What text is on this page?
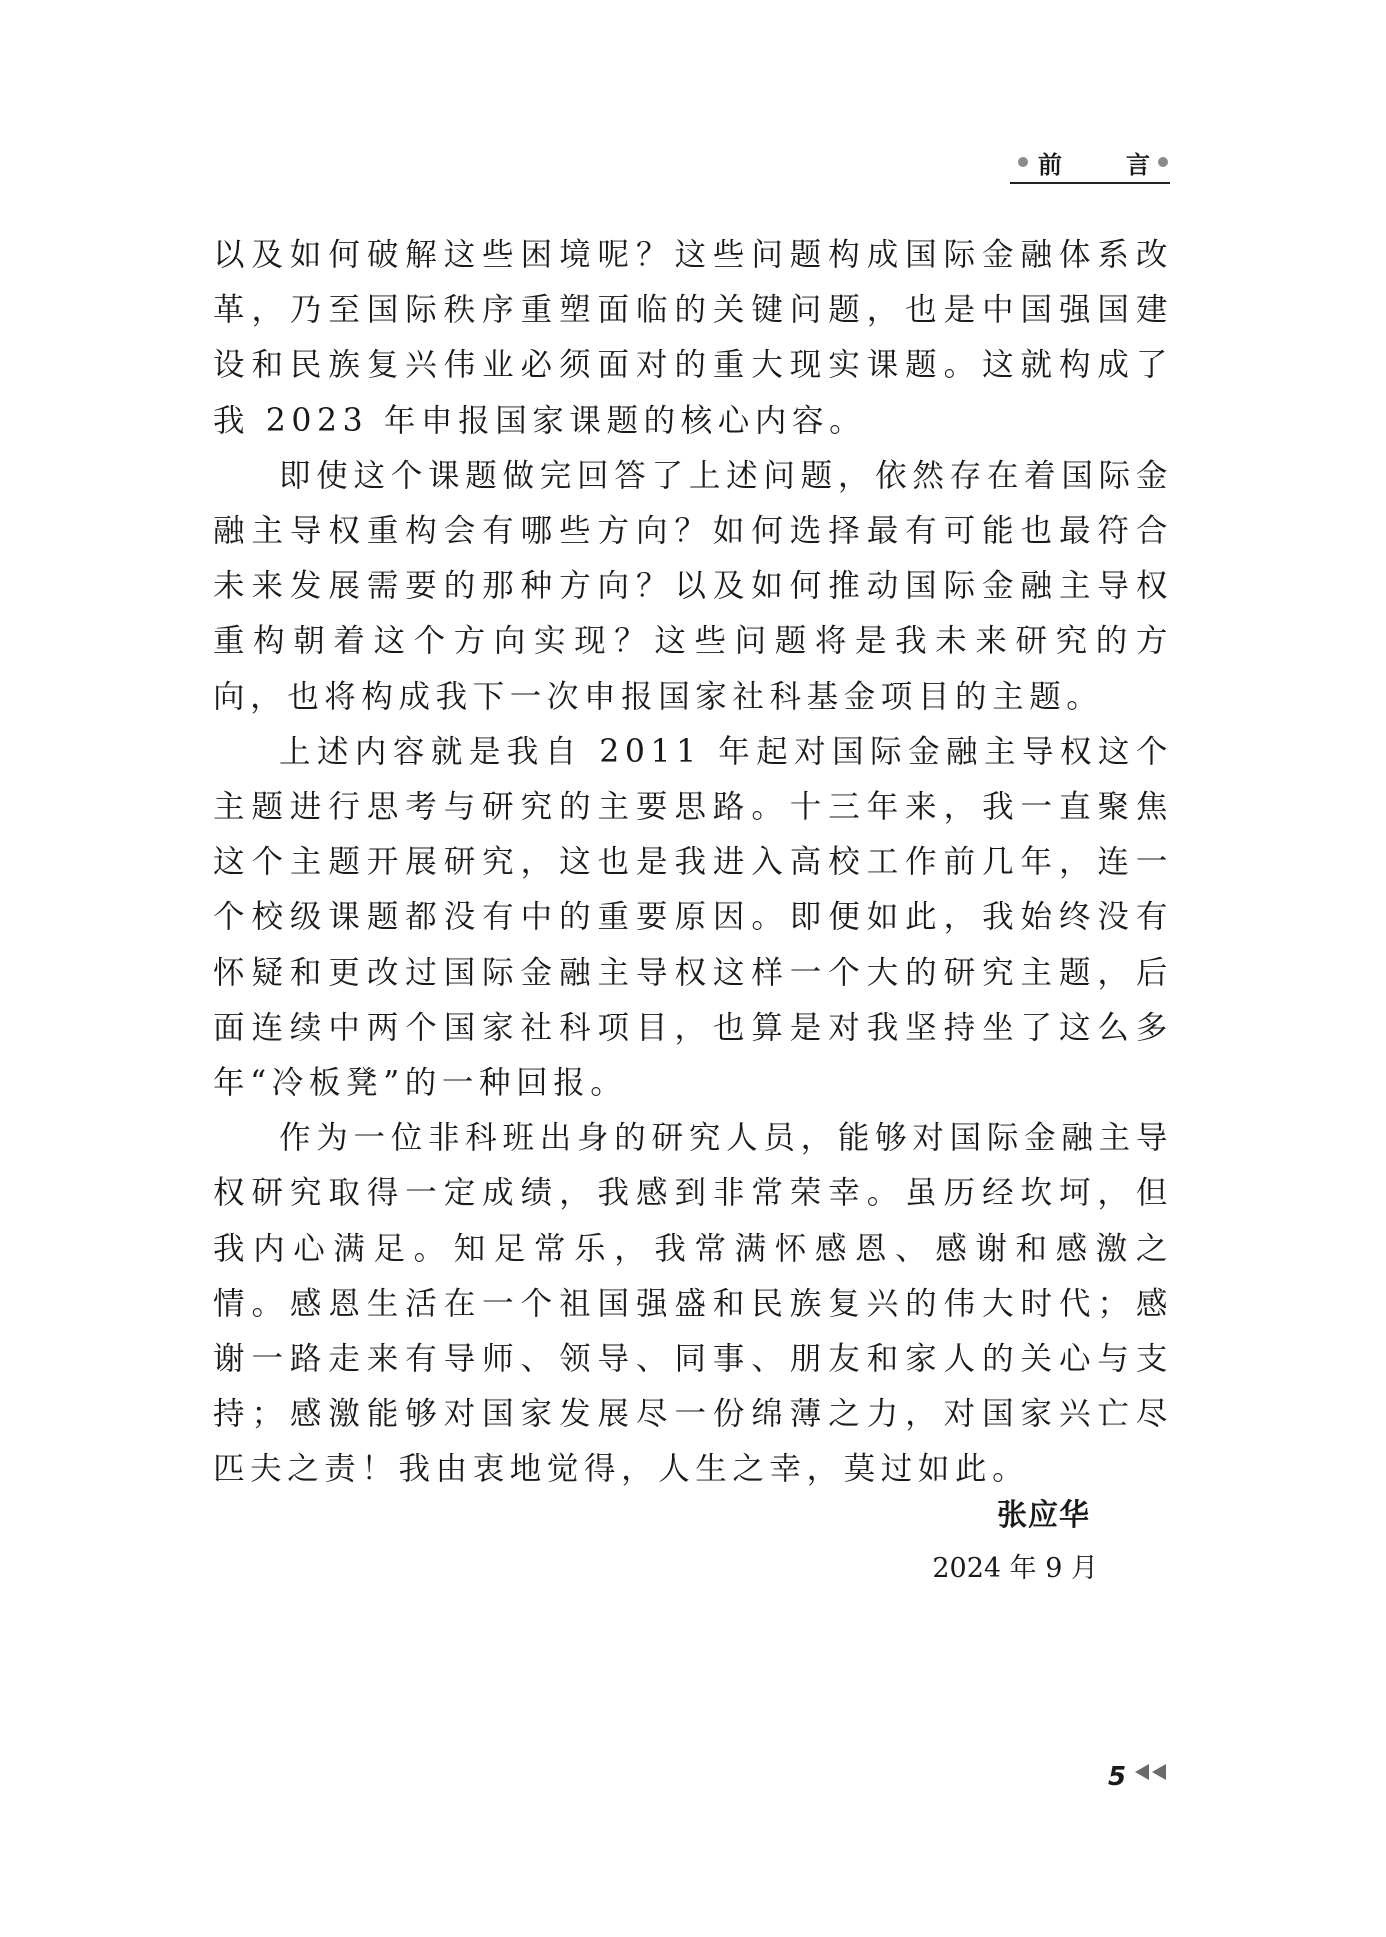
前	言

以及如何破解这些困境呢？这些问题构成国际金融体系改革，乃至国际秩序重塑面临的关键问题，也是中国强国建设和民族复兴伟业必须面对的重大现实课题。这就构成了我 2023 年申报国家课题的核心内容。

即使这个课题做完回答了上述问题，依然存在着国际金融主导权重构会有哪些方向？如何选择最有可能也最符合未来发展需要的那种方向？以及如何推动国际金融主导权重构朝着这个方向实现？这些问题将是我未来研究的方向，也将构成我下一次申报国家社科基金项目的主题。

上述内容就是我自 2011 年起对国际金融主导权这个主题进行思考与研究的主要思路。十三年来，我一直聚焦这个主题开展研究，这也是我进入高校工作前几年，连一个校级课题都没有中的重要原因。即便如此，我始终没有怀疑和更改过国际金融主导权这样一个大的研究主题，后面连续中两个国家社科项目，也算是对我坚持坐了这么多年“冷板凳”的一种回报。

作为一位非科班出身的研究人员，能够对国际金融主导权研究取得一定成绩，我感到非常荣幸。虽历经坎坷，但我内心满足。知足常乐，我常满怀感恩、感谢和感激之情。感恩生活在一个祖国强盛和民族复兴的伟大时代；感谢一路走来有导师、领导、同事、朋友和家人的关心与支持；感激能够对国家发展尽一份绵薄之力，对国家兴亡尽匹夫之责！我由衷地觉得，人生之幸，莫过如此。

张应华
2024 年 9 月
5
